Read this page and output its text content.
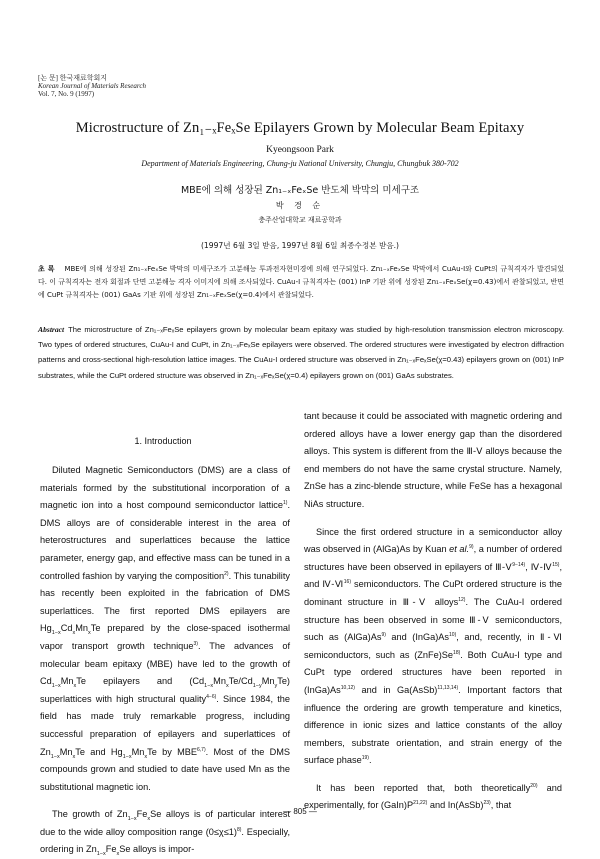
[논 문] 한국재료학회지
Korean Journal of Materials Research
Vol. 7, No. 9 (1997)
Microstructure of Zn₁₋ₓFeₓSe Epilayers Grown by Molecular Beam Epitaxy
Kyeongsoon Park
Department of Materials Engineering, Chung-ju National University, Chungju, Chungbuk 380-702
MBE에 의해 성장된 Zn₁₋ₓFeₓSe 반도체 박막의 미세구조
박 경 순
충주산업대학교 재료공학과
(1997년 6월 3일 받음, 1997년 8월 6일 최종수정본 받음.)
초 록 MBE에 의해 성장된 Zn₁₋ₓFeₓSe 박막의 미세구조가 고분해능 투과전자현미경에 의해 연구되었다. Zn₁₋ₓFeₓSe 박막에서 CuAu-I와 CuPt의 규칙격자가 발견되었다. 이 규칙격자는 전자 회절과 단면 고분해능 격자 이미지에 의해 조사되었다. CuAu-I 규칙격자는 (001) InP 기판 위에 성장된 Zn₁₋ₓFeₓSe(χ=0.43)에서 관찰되었고, 반면에 CuPt 규칙격자는 (001) GaAs 기판 위에 성장된 Zn₁₋ₓFeₓSe(χ=0.4)에서 관찰되었다.
Abstract The microstructure of Zn₁₋ₓFeₓSe epilayers grown by molecular beam epitaxy was studied by high-resolution transmission electron microscopy. Two types of ordered structures, CuAu-I and CuPt, in Zn₁₋ₓFeₓSe epilayers were observed. The ordered structures were investigated by electron diffraction patterns and cross-sectional high-resolution lattice images. The CuAu-I ordered structure was observed in Zn₁₋ₓFeₓSe(χ=0.43) epilayers grown on (001) InP substrates, while the CuPt ordered structure was observed in Zn₁₋ₓFeₓSe(χ=0.4) epilayers grown on (001) GaAs substrates.
1. Introduction

Diluted Magnetic Semiconductors (DMS) are a class of materials formed by the substitutional incorporation of a magnetic ion into a host compound semiconductor lattice$^{1)}$. DMS alloys are of considerable interest in the area of heterostructures and superlattices because the lattice parameter, energy gap, and effective mass can be tuned in a controlled fashion by varying the composition$^{2)}$. This tunability has recently been exploited in the fabrication of DMS superlattices. The first reported DMS epilayers are $Hg_{1-x}Cd_xMn_xTe$ prepared by the close-spaced isothermal vapor transport growth technique$^{3)}$. The advances of molecular beam epitaxy (MBE) have led to the growth of $Cd_{1-x}Mn_xTe$ epilayers and $(Cd_{1-x}Mn_xTe/Cd_{1-y}Mn_yTe)$ superlattices with high structural quality$^{4-6)}$. Since 1984, the field has made truly remarkable progress, including successful preparation of epilayers and superlattices of $Zn_{1-x}Mn_xTe$ and $Hg_{1-x}Mn_xTe$ by MBE$^{6,7)}$. Most of the DMS compounds grown and studied to date have used Mn as the substitutional magnetic ion.

The growth of $Zn_{1-x}Fe_xSe$ alloys is of particular interest due to the wide alloy composition range (0≤χ≤1)$^{8)}$. Especially, ordering in $Zn_{1-x}Fe_xSe$ alloys is impor-

tant because it could be associated with magnetic ordering and ordered alloys have a lower energy gap than the disordered alloys. This system is different from the Ⅲ-Ⅴ alloys because the end members do not have the same crystal structure. Namely, ZnSe has a zinc-blende structure, while FeSe has a hexagonal NiAs structure.

Since the first ordered structure in a semiconductor alloy was observed in (AlGa)As by Kuan et al.$^{9)}$, a number of ordered structures have been observed in epilayers of Ⅲ-Ⅴ$^{9-14)}$, Ⅳ-Ⅳ$^{15)}$, and Ⅳ-Ⅵ$^{16)}$ semiconductors. The CuPt ordered structure is the dominant structure in Ⅲ-Ⅴ alloys$^{12)}$. The CuAu-I ordered structure has been observed in some Ⅲ-Ⅴ semiconductors, such as (AlGa)As$^{9)}$ and (InGa)As$^{10)}$, and, recently, in Ⅱ-Ⅵ semiconductors, such as (ZnFe)Se$^{18)}$. Both CuAu-I type and CuPt type ordered structures have been reported in (InGa)As$^{10,12)}$ and in Ga(AsSb)$^{11,13,14)}$. Important factors that influence the ordering are growth temperature and kinetics, difference in ionic sizes and lattice constants of the alloy members, substrate orientation, and strain energy of the surface phase$^{19)}$.

It has been reported that, both theoretically$^{20)}$ and experimentally, for $(GaIn)P^{21,22)}$ and In(AsSb)$^{23)}$, that

— 805 —
